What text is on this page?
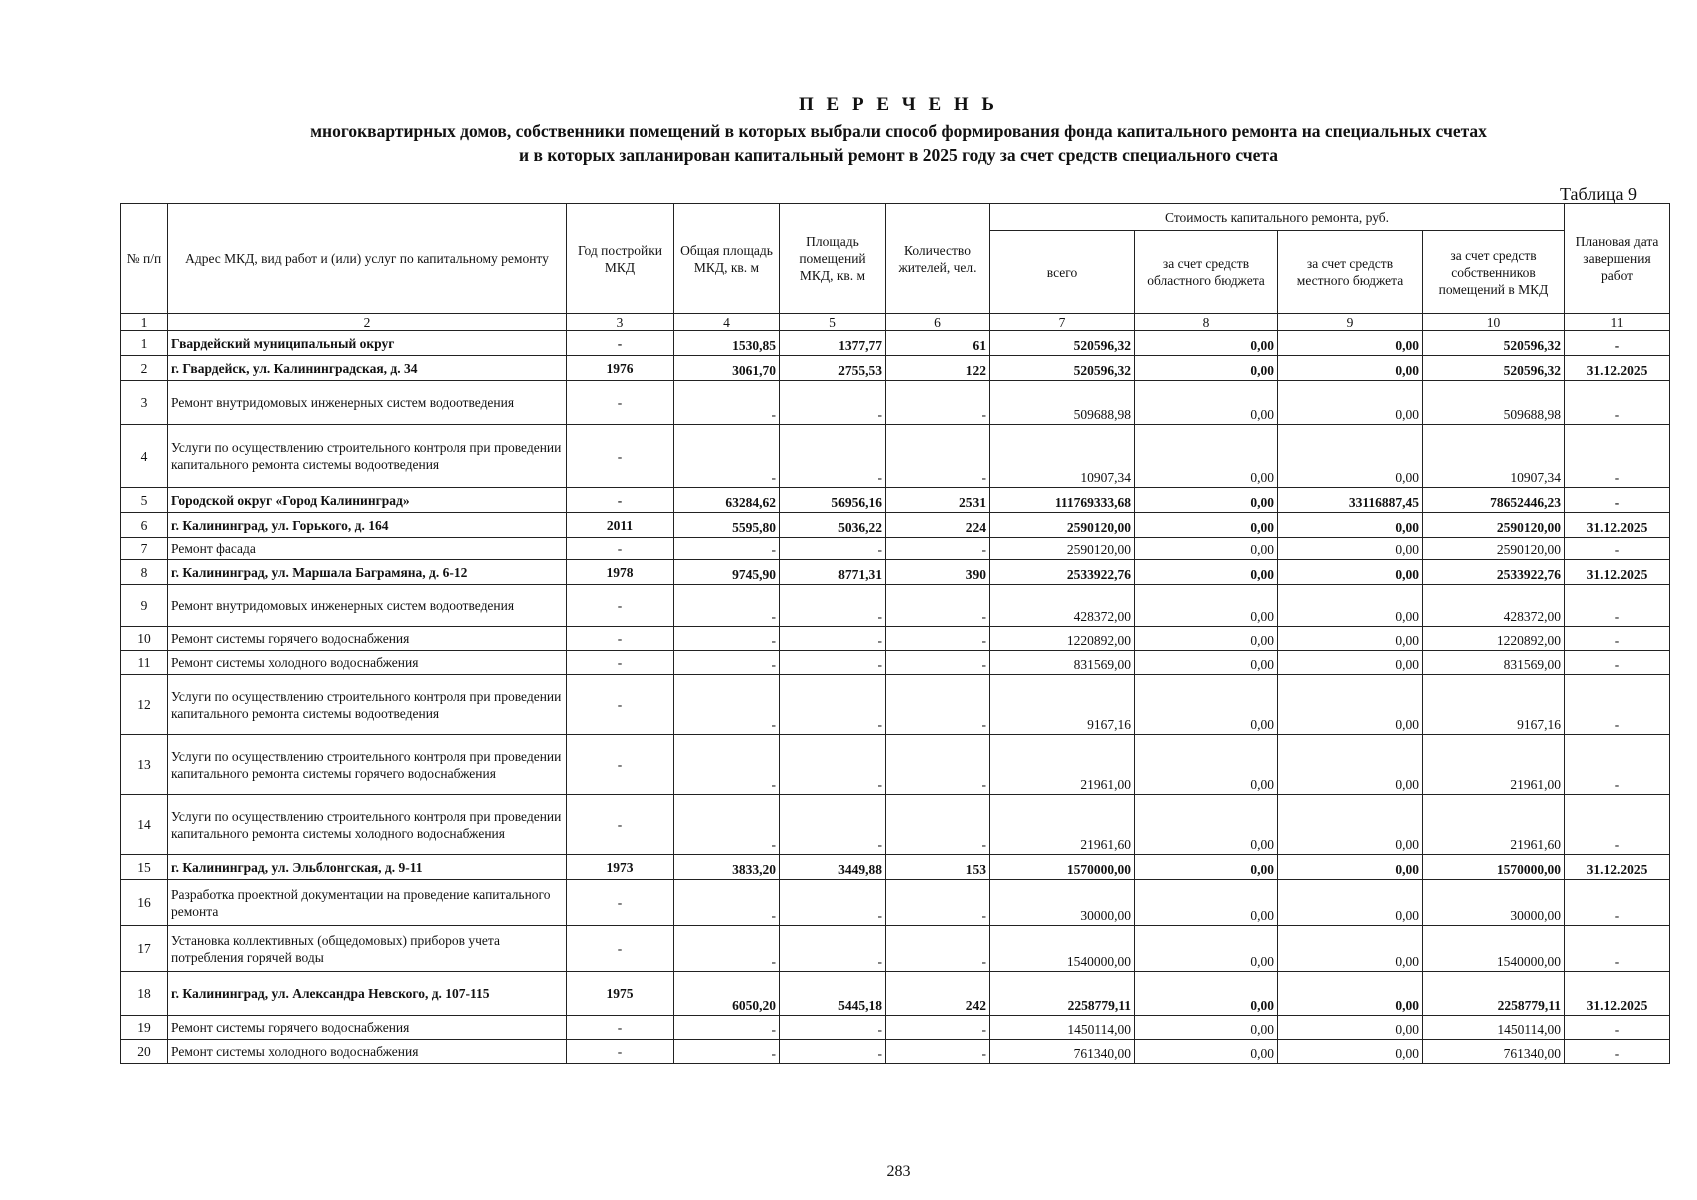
П Е Р Е Ч Е Н Ь
многоквартирных домов, собственники помещений в которых выбрали способ формирования фонда капитального ремонта на специальных счетах
и в которых запланирован капитальный ремонт в 2025 году за счет средств специального счета
Таблица 9
№ п/п	Адрес МКД, вид работ и (или) услуг по капитальному ремонту	Год постройки МКД	Общая площадь МКД, кв. м	Площадь помещений МКД, кв. м	Количество жителей, чел.	Стоимость капитального ремонта, руб.				Плановая дата завершения работ
						всего	за счет средств областного бюджета	за счет средств местного бюджета	за счет средств собственников помещений в МКД	
1	2	3	4	5	6	7	8	9	10	11
1	Гвардейский муниципальный округ	-	1530,85	1377,77	61	520596,32	0,00	0,00	520596,32	-
2	г. Гвардейск, ул. Калининградская, д. 34	1976	3061,70	2755,53	122	520596,32	0,00	0,00	520596,32	31.12.2025
3	Ремонт внутридомовых инженерных систем водоотведения	-	-	-	-	509688,98	0,00	0,00	509688,98	-
4	Услуги по осуществлению строительного контроля при проведении капитального ремонта системы водоотведения	-	-	-	-	10907,34	0,00	0,00	10907,34	-
5	Городской округ «Город Калининград»	-	63284,62	56956,16	2531	111769333,68	0,00	33116887,45	78652446,23	-
6	г. Калининград, ул. Горького, д. 164	2011	5595,80	5036,22	224	2590120,00	0,00	0,00	2590120,00	31.12.2025
7	Ремонт фасада	-	-	-	-	2590120,00	0,00	0,00	2590120,00	-
8	г. Калининград, ул. Маршала Баграмяна, д. 6-12	1978	9745,90	8771,31	390	2533922,76	0,00	0,00	2533922,76	31.12.2025
9	Ремонт внутридомовых инженерных систем водоотведения	-	-	-	-	428372,00	0,00	0,00	428372,00	-
10	Ремонт системы горячего водоснабжения	-	-	-	-	1220892,00	0,00	0,00	1220892,00	-
11	Ремонт системы холодного водоснабжения	-	-	-	-	831569,00	0,00	0,00	831569,00	-
12	Услуги по осуществлению строительного контроля при проведении капитального ремонта системы водоотведения	-	-	-	-	9167,16	0,00	0,00	9167,16	-
13	Услуги по осуществлению строительного контроля при проведении капитального ремонта системы горячего водоснабжения	-	-	-	-	21961,00	0,00	0,00	21961,00	-
14	Услуги по осуществлению строительного контроля при проведении капитального ремонта системы холодного водоснабжения	-	-	-	-	21961,60	0,00	0,00	21961,60	-
15	г. Калининград, ул. Эльблонгская, д. 9-11	1973	3833,20	3449,88	153	1570000,00	0,00	0,00	1570000,00	31.12.2025
16	Разработка проектной документации на проведение капитального ремонта	-	-	-	-	30000,00	0,00	0,00	30000,00	-
17	Установка коллективных (общедомовых) приборов учета потребления горячей воды	-	-	-	-	1540000,00	0,00	0,00	1540000,00	-
18	г. Калининград, ул. Александра Невского, д. 107-115	1975	6050,20	5445,18	242	2258779,11	0,00	0,00	2258779,11	31.12.2025
19	Ремонт системы горячего водоснабжения	-	-	-	-	1450114,00	0,00	0,00	1450114,00	-
20	Ремонт системы холодного водоснабжения	-	-	-	-	761340,00	0,00	0,00	761340,00	-
283
